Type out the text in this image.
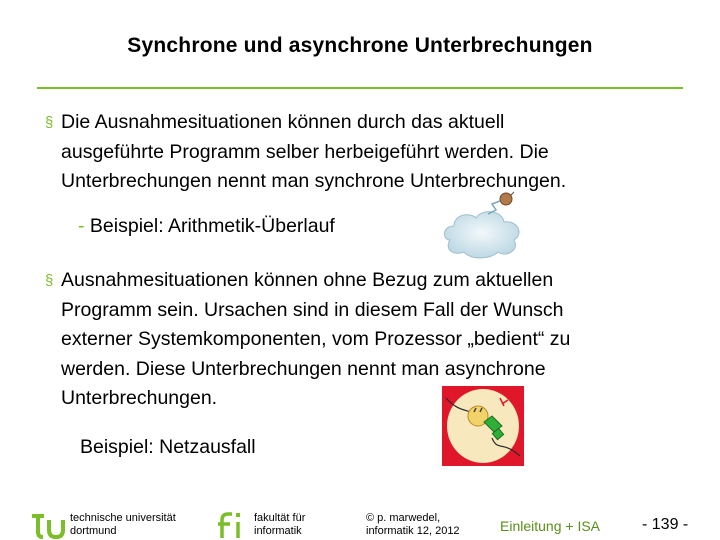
Synchrone und asynchrone Unterbrechungen
§ Die Ausnahmesituationen können durch das aktuell
ausgeführte Programm selber herbeigeführt werden. Die
Unterbrechungen nennt man synchrone Unterbrechungen.
- Beispiel: Arithmetik-Überlauf
§ Ausnahmesituationen können ohne Bezug zum aktuellen
Programm sein. Ursachen sind in diesem Fall der Wunsch
externer Systemkomponenten, vom Prozessor „bedient“ zu
werden. Diese Unterbrechungen nennt man asynchrone
Unterbrechungen.
Beispiel: Netzausfall
technische universität
dortmund
fakultät für
informatik
© p. marwedel,
informatik 12, 2012	Einleitung + ISA	- 139 -
